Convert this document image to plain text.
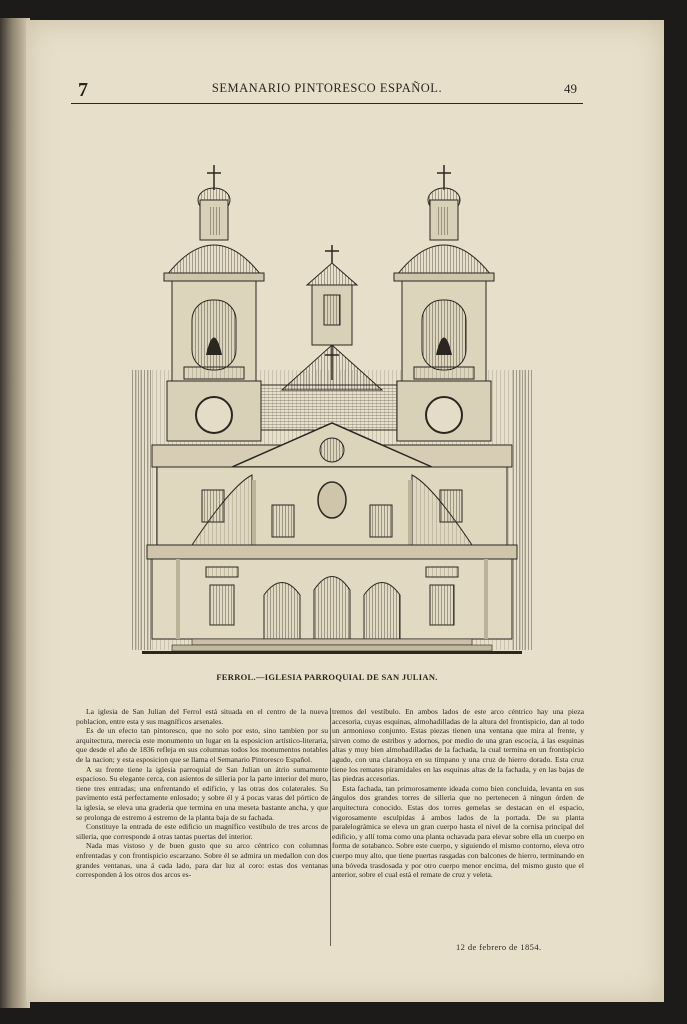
7	SEMANARIO PINTORESCO ESPAÑOL.	49
FERROL.—IGLESIA PARROQUIAL DE SAN JULIAN.

La iglesia de San Julian del Ferrol está situada en el centro de la nueva poblacion, entre esta y sus magníficos arsenales.

Es de un efecto tan pintoresco, que no solo por esto, sino tambien por su arquitectura, merecia este monumento un lugar en la esposicion artístico-literaria, que desde el año de 1836 refleja en sus columnas todos los monumentos notables de la nacion; y esta esposicion que se llama el Semanario Pintoresco Español.

A su frente tiene la iglesia parroquial de San Julian un átrio sumamente espacioso. Su elegante cerca, con asientos de silleria por la parte interior del muro, tiene tres entradas; una enfrentando el edificio, y las otras dos colaterales. Su pavimento está perfectamente enlosado; y sobre él y á pocas varas del pórtico de la iglesia, se eleva una graderia que termina en una meseta bastante ancha, y que se prolonga de estremo á estremo de la planta baja de su fachada.

Constituye la entrada de este edificio un magnífico vestíbulo de tres arcos de silleria, que corresponde á otras tantas puertas del interior.

Nada mas vistoso y de buen gusto que su arco céntrico con columnas enfrentadas y con frontispicio escarzano. Sobre él se admira un medallon con dos grandes ventanas, una á cada lado, para dar luz al coro: estas dos ventanas corresponden á los otros dos arcos es-

tremos del vestíbulo. En ambos lados de este arco céntrico hay una pieza accesoria, cuyas esquinas, almohadilladas de la altura del frontispicio, dan al todo un armonioso conjunto. Estas piezas tienen una ventana que mira al frente, y sirven como de estribos y adornos, por medio de una gran escocia, á las esquinas altas y muy bien almohadilladas de la fachada, la cual termina en un frontispicio agudo, con una claraboya en su tímpano y una cruz de hierro dorado. Esta cruz tiene los remates piramidales en las esquinas altas de la fachada, y en las bajas de las piedras accesorias.

Esta fachada, tan primorosamente ideada como bien concluida, levanta en sus ángulos dos grandes torres de silleria que no pertenecen á ningun órden de arquitectura conocido. Estas dos torres gemelas se destacan en el espacio, vigorosamente esculpidas á ambos lados de la portada. De su planta paralelográmica se eleva un gran cuerpo hasta el nivel de la cornisa principal del edificio, y allí toma como una planta ochavada para elevar sobre ella un cuerpo en forma de sotabanco. Sobre este cuerpo, y siguiendo el mismo contorno, eleva otro cuerpo muy alto, que tiene puertas rasgadas con balcones de hierro, terminando en una bóveda trasdosada y por otro cuerpo menor encima, del mismo gusto que el anterior, sobre el cual está el remate de cruz y veleta.

12 de febrero de 1854.
